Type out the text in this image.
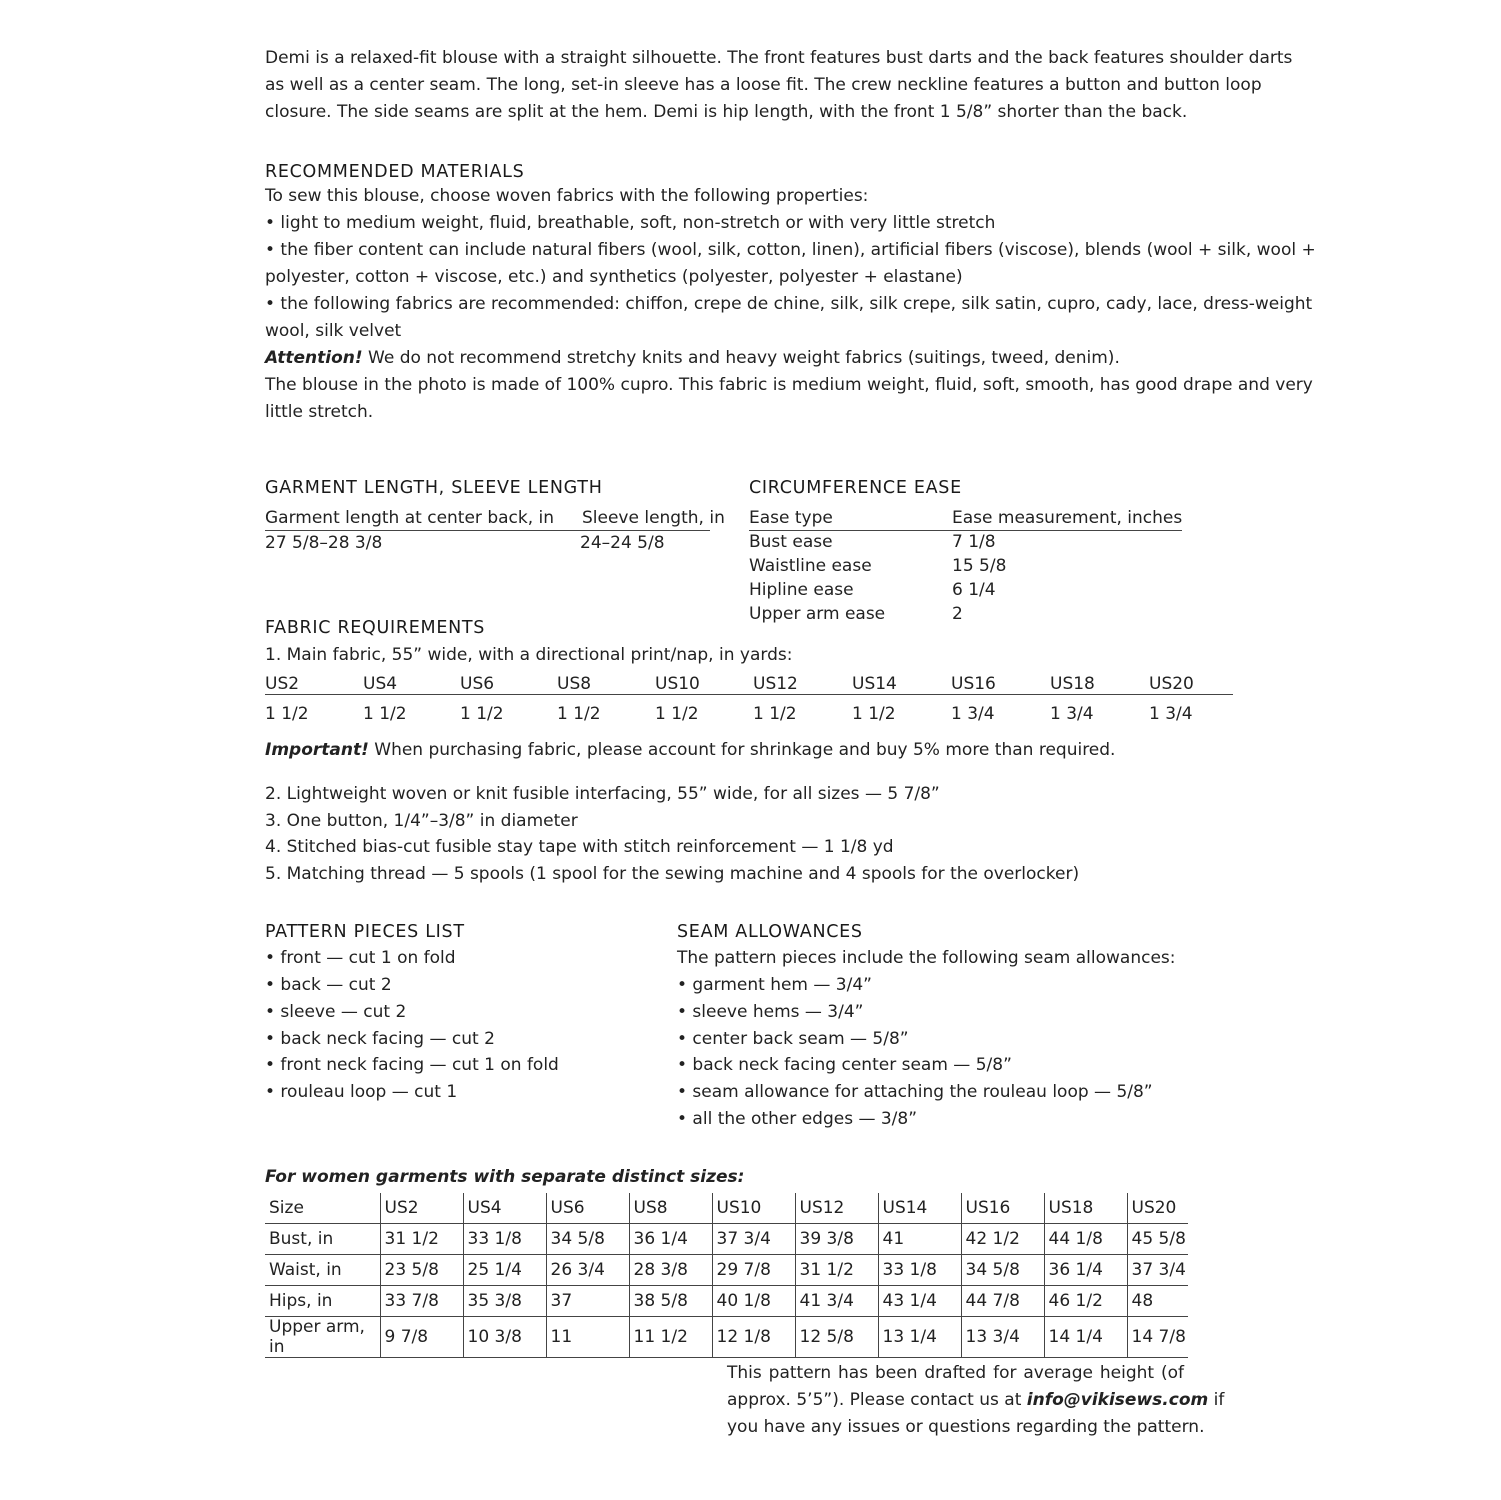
Demi is a relaxed-fit blouse with a straight silhouette. The front features bust darts and the back features shoulder darts
as well as a center seam. The long, set-in sleeve has a loose fit. The crew neckline features a button and button loop
closure. The side seams are split at the hem. Demi is hip length, with the front 1 5/8” shorter than the back.
RECOMMENDED MATERIALS
To sew this blouse, choose woven fabrics with the following properties:
• light to medium weight, fluid, breathable, soft, non-stretch or with very little stretch
• the fiber content can include natural fibers (wool, silk, cotton, linen), artificial fibers (viscose), blends (wool + silk, wool +
polyester, cotton + viscose, etc.) and synthetics (polyester, polyester + elastane)
• the following fabrics are recommended: chiffon, crepe de chine, silk, silk crepe, silk satin, cupro, cady, lace, dress-weight
wool, silk velvet
Attention! We do not recommend stretchy knits and heavy weight fabrics (suitings, tweed, denim).
The blouse in the photo is made of 100% cupro. This fabric is medium weight, fluid, soft, smooth, has good drape and very
little stretch.
GARMENT LENGTH, SLEEVE LENGTH
Garment length at center back, in Sleeve length, in
27 5/8–28 3/8	24–24 5/8
CIRCUMFERENCE EASE
Ease type	Ease measurement, inches
Bust ease	7 1/8
Waistline ease	15 5/8
Hipline ease	6 1/4
Upper arm ease	2
FABRIC REQUIREMENTS
1. Main fabric, 55” wide, with a directional print/nap, in yards:
US2	US4	US6	US8	US10	US12	US14	US16	US18	US20
1 1/2	1 1/2	1 1/2	1 1/2	1 1/2	1 1/2	1 1/2	1 3/4	1 3/4	1 3/4
Important! When purchasing fabric, please account for shrinkage and buy 5% more than required.
2. Lightweight woven or knit fusible interfacing, 55” wide, for all sizes — 5 7/8”
3. One button, 1/4”–3/8” in diameter
4. Stitched bias-cut fusible stay tape with stitch reinforcement — 1 1/8 yd
5. Matching thread — 5 spools (1 spool for the sewing machine and 4 spools for the overlocker)
PATTERN PIECES LIST
• front — cut 1 on fold
• back — cut 2
• sleeve — cut 2
• back neck facing — cut 2
• front neck facing — cut 1 on fold
• rouleau loop — cut 1
SEAM ALLOWANCES
The pattern pieces include the following seam allowances:
• garment hem — 3/4”
• sleeve hems — 3/4”
• center back seam — 5/8”
• back neck facing center seam — 5/8”
• seam allowance for attaching the rouleau loop — 5/8”
• all the other edges — 3/8”
For women garments with separate distinct sizes:
Size	US2	US4	US6	US8	US10	US12	US14	US16	US18	US20
Bust, in	31 1/2	33 1/8	34 5/8	36 1/4	37 3/4	39 3/8	41	42 1/2	44 1/8	45 5/8
Waist, in	23 5/8	25 1/4	26 3/4	28 3/8	29 7/8	31 1/2	33 1/8	34 5/8	36 1/4	37 3/4
Hips, in	33 7/8	35 3/8	37	38 5/8	40 1/8	41 3/4	43 1/4	44 7/8	46 1/2	48
Upper arm, in	9 7/8	10 3/8	11	11 1/2	12 1/8	12 5/8	13 1/4	13 3/4	14 1/4	14 7/8
This pattern has been drafted for average height (of
approx. 5’5”). Please contact us at info@vikisews.com if
you have any issues or questions regarding the pattern.
